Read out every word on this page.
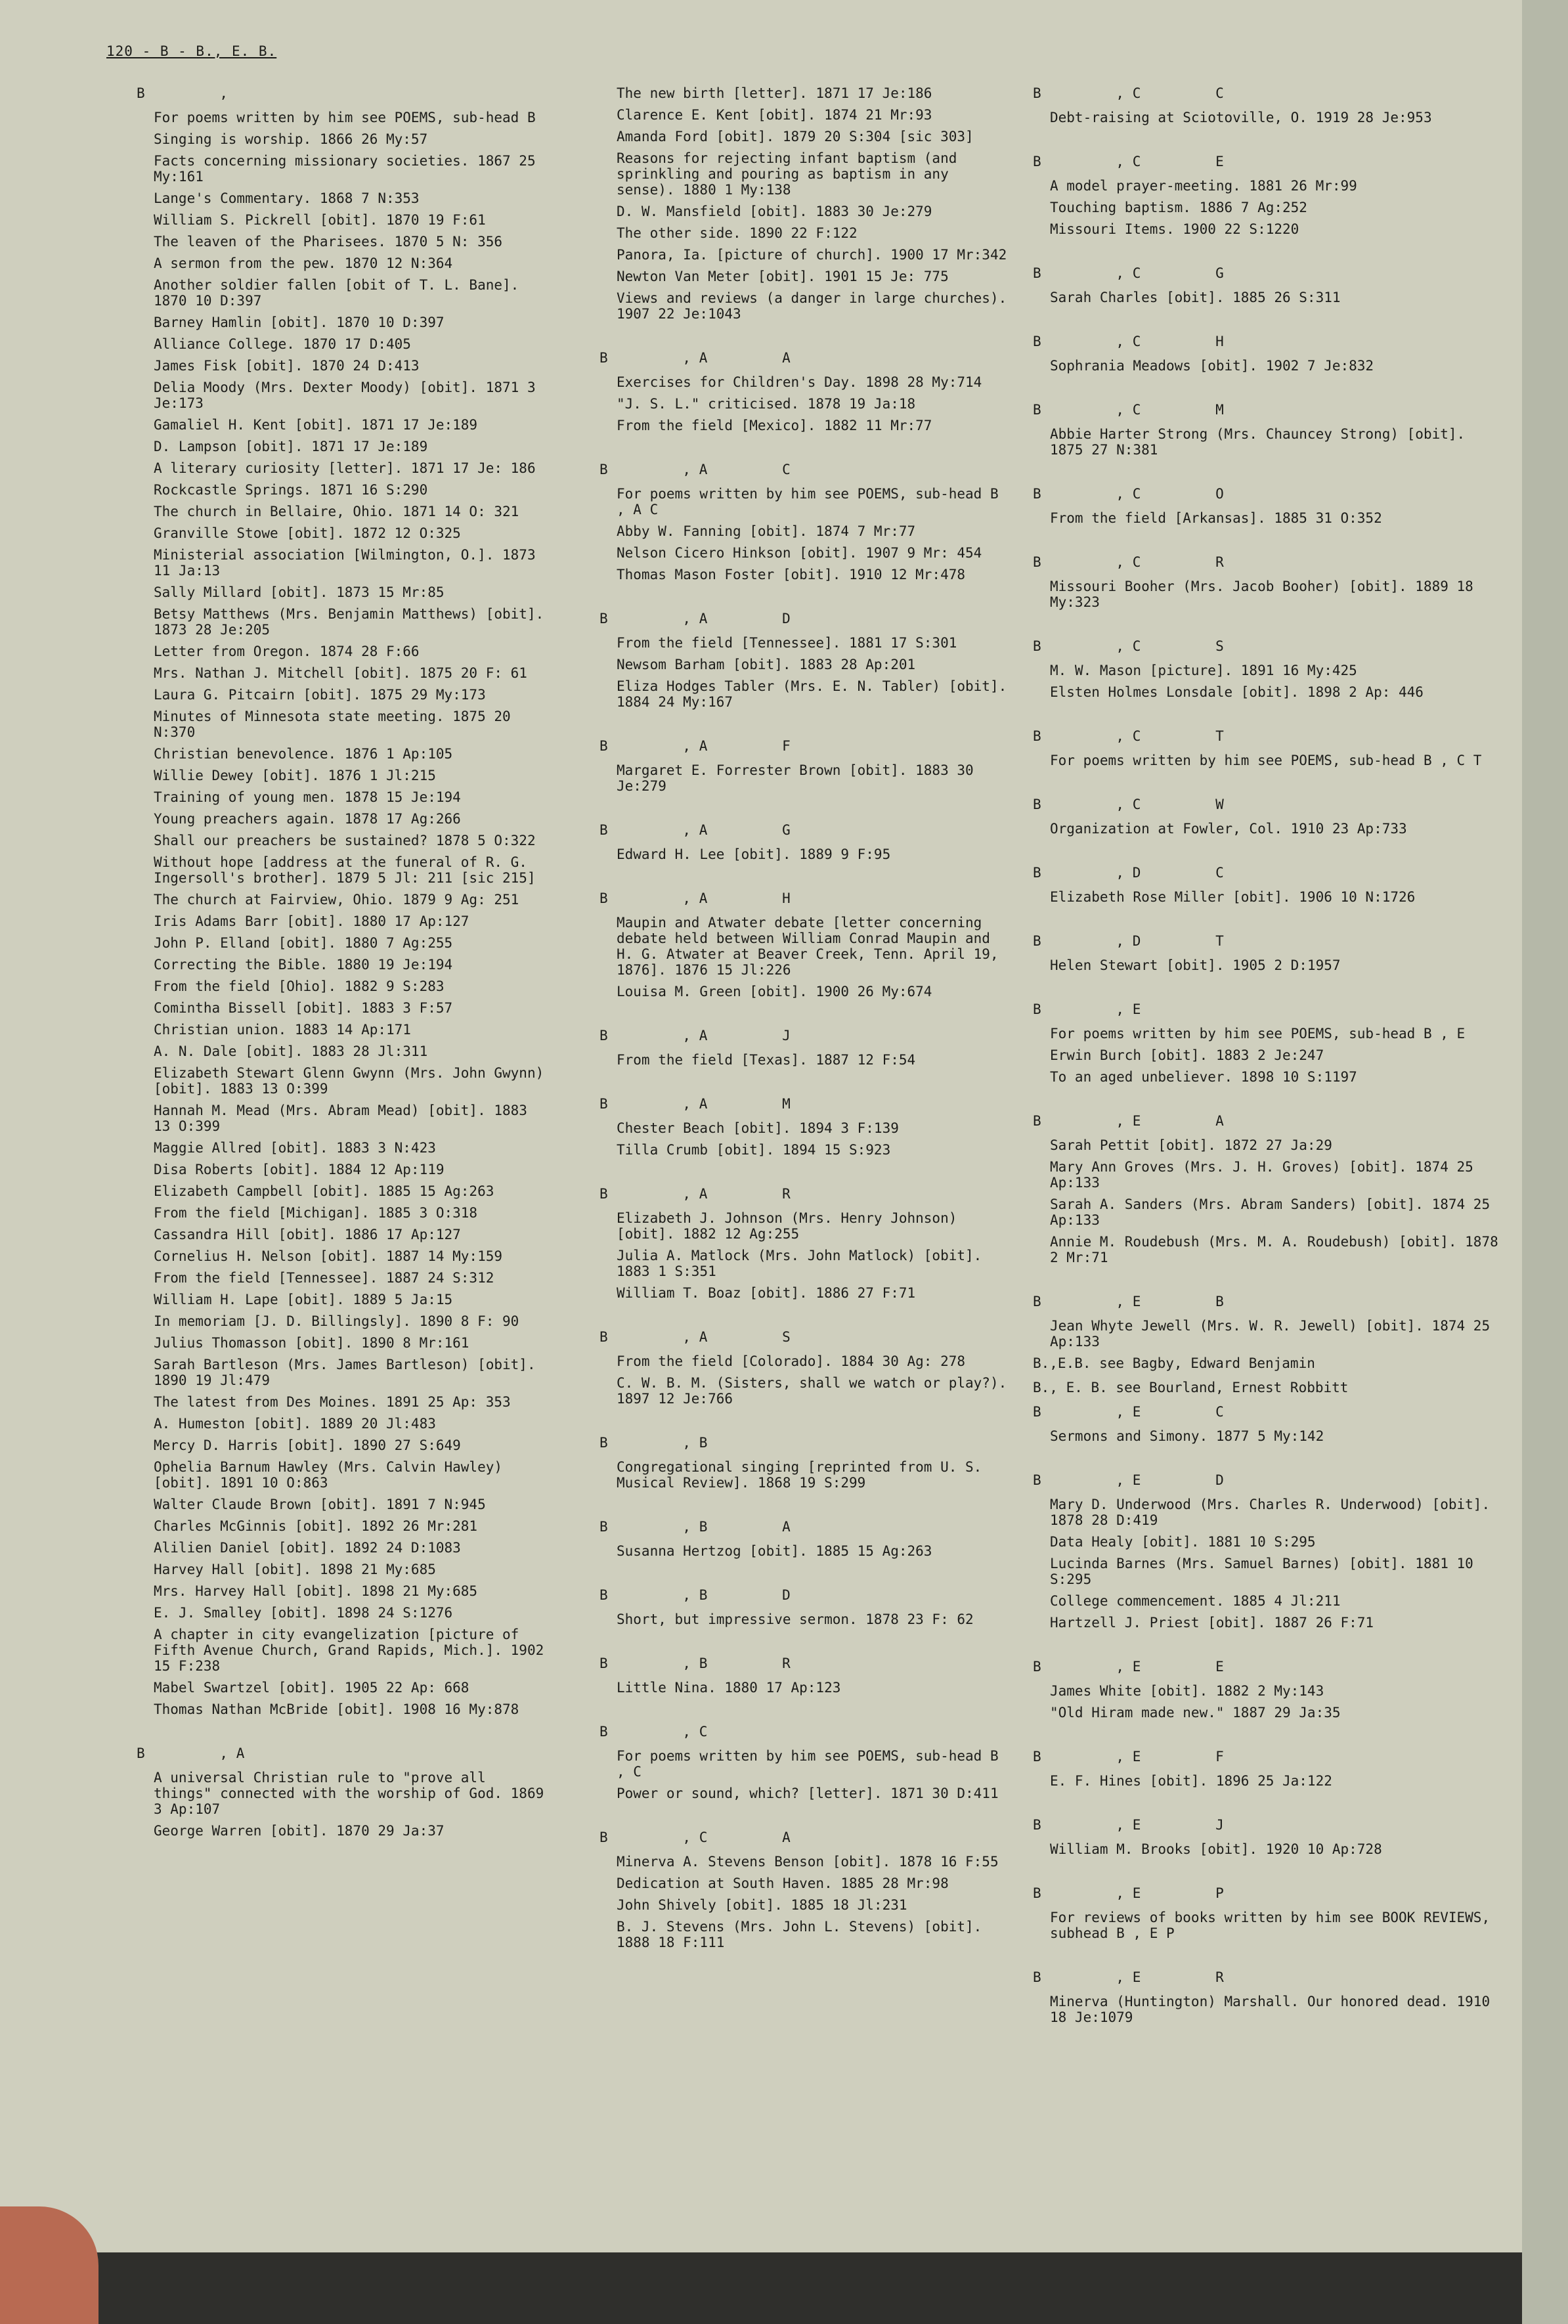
120 - B - B., E. B.
B         ,
For poems written by him see POEMS, sub-head B
Singing is worship. 1866 26 My:57
Facts concerning missionary societies. 1867 25 My:161
Lange's Commentary. 1868 7 N:353
William S. Pickrell [obit]. 1870 19 F:61
The leaven of the Pharisees. 1870 5 N: 356
A sermon from the pew. 1870 12 N:364
Another soldier fallen [obit of T. L. Bane]. 1870 10 D:397
Barney Hamlin [obit]. 1870 10 D:397
Alliance College. 1870 17 D:405
James Fisk [obit]. 1870 24 D:413
Delia Moody (Mrs. Dexter Moody) [obit]. 1871 3 Je:173
Gamaliel H. Kent [obit]. 1871 17 Je:189
D. Lampson [obit]. 1871 17 Je:189
A literary curiosity [letter]. 1871 17 Je: 186
Rockcastle Springs. 1871 16 S:290
The church in Bellaire, Ohio. 1871 14 O: 321
Granville Stowe [obit]. 1872 12 O:325
Ministerial association [Wilmington, O.]. 1873 11 Ja:13
Sally Millard [obit]. 1873 15 Mr:85
Betsy Matthews (Mrs. Benjamin Matthews) [obit]. 1873 28 Je:205
Letter from Oregon. 1874 28 F:66
Mrs. Nathan J. Mitchell [obit]. 1875 20 F: 61
Laura G. Pitcairn [obit]. 1875 29 My:173
Minutes of Minnesota state meeting. 1875 20 N:370
Christian benevolence. 1876 1 Ap:105
Willie Dewey [obit]. 1876 1 Jl:215
Training of young men. 1878 15 Je:194
Young preachers again. 1878 17 Ag:266
Shall our preachers be sustained? 1878 5 O:322
Without hope [address at the funeral of R. G. Ingersoll's brother]. 1879 5 Jl: 211 [sic 215]
The church at Fairview, Ohio. 1879 9 Ag: 251
Iris Adams Barr [obit]. 1880 17 Ap:127
John P. Elland [obit]. 1880 7 Ag:255
Correcting the Bible. 1880 19 Je:194
From the field [Ohio]. 1882 9 S:283
Comintha Bissell [obit]. 1883 3 F:57
Christian union. 1883 14 Ap:171
A. N. Dale [obit]. 1883 28 Jl:311
Elizabeth Stewart Glenn Gwynn (Mrs. John Gwynn) [obit]. 1883 13 O:399
Hannah M. Mead (Mrs. Abram Mead) [obit]. 1883 13 O:399
Maggie Allred [obit]. 1883 3 N:423
Disa Roberts [obit]. 1884 12 Ap:119
Elizabeth Campbell [obit]. 1885 15 Ag:263
From the field [Michigan]. 1885 3 O:318
Cassandra Hill [obit]. 1886 17 Ap:127
Cornelius H. Nelson [obit]. 1887 14 My:159
From the field [Tennessee]. 1887 24 S:312
William H. Lape [obit]. 1889 5 Ja:15
In memoriam [J. D. Billingsly]. 1890 8 F: 90
Julius Thomasson [obit]. 1890 8 Mr:161
Sarah Bartleson (Mrs. James Bartleson) [obit]. 1890 19 Jl:479
The latest from Des Moines. 1891 25 Ap: 353
A. Humeston [obit]. 1889 20 Jl:483
Mercy D. Harris [obit]. 1890 27 S:649
Ophelia Barnum Hawley (Mrs. Calvin Hawley) [obit]. 1891 10 O:863
Walter Claude Brown [obit]. 1891 7 N:945
Charles McGinnis [obit]. 1892 26 Mr:281
Alilien Daniel [obit]. 1892 24 D:1083
Harvey Hall [obit]. 1898 21 My:685
Mrs. Harvey Hall [obit]. 1898 21 My:685
E. J. Smalley [obit]. 1898 24 S:1276
A chapter in city evangelization [picture of Fifth Avenue Church, Grand Rapids, Mich.]. 1902 15 F:238
Mabel Swartzel [obit]. 1905 22 Ap: 668
Thomas Nathan McBride [obit]. 1908 16 My:878
B         , A
A universal Christian rule to "prove all things" connected with the worship of God. 1869 3 Ap:107
George Warren [obit]. 1870 29 Ja:37
The new birth [letter]. 1871 17 Je:186
Clarence E. Kent [obit]. 1874 21 Mr:93
Amanda Ford [obit]. 1879 20 S:304 [sic 303]
Reasons for rejecting infant baptism (and sprinkling and pouring as baptism in any sense). 1880 1 My:138
D. W. Mansfield [obit]. 1883 30 Je:279
The other side. 1890 22 F:122
Panora, Ia. [picture of church]. 1900 17 Mr:342
Newton Van Meter [obit]. 1901 15 Je: 775
Views and reviews (a danger in large churches). 1907 22 Je:1043
B         , A         A
Exercises for Children's Day. 1898 28 My:714
"J. S. L." criticised. 1878 19 Ja:18
From the field [Mexico]. 1882 11 Mr:77
B         , A         C
For poems written by him see POEMS, sub-head B , A C
Abby W. Fanning [obit]. 1874 7 Mr:77
Nelson Cicero Hinkson [obit]. 1907 9 Mr: 454
Thomas Mason Foster [obit]. 1910 12 Mr:478
B         , A         D
From the field [Tennessee]. 1881 17 S:301
Newsom Barham [obit]. 1883 28 Ap:201
Eliza Hodges Tabler (Mrs. E. N. Tabler) [obit]. 1884 24 My:167
B         , A         F
Margaret E. Forrester Brown [obit]. 1883 30 Je:279
B         , A         G
Edward H. Lee [obit]. 1889 9 F:95
B         , A         H
Maupin and Atwater debate [letter concerning debate held between William Conrad Maupin and H. G. Atwater at Beaver Creek, Tenn. April 19, 1876]. 1876 15 Jl:226
Louisa M. Green [obit]. 1900 26 My:674
B         , A         J
From the field [Texas]. 1887 12 F:54
B         , A         M
Chester Beach [obit]. 1894 3 F:139
Tilla Crumb [obit]. 1894 15 S:923
B         , A         R
Elizabeth J. Johnson (Mrs. Henry Johnson) [obit]. 1882 12 Ag:255
Julia A. Matlock (Mrs. John Matlock) [obit]. 1883 1 S:351
William T. Boaz [obit]. 1886 27 F:71
B         , A         S
From the field [Colorado]. 1884 30 Ag: 278
C. W. B. M. (Sisters, shall we watch or play?). 1897 12 Je:766
B         , B
Congregational singing [reprinted from U. S. Musical Review]. 1868 19 S:299
B         , B         A
Susanna Hertzog [obit]. 1885 15 Ag:263
B         , B         D
Short, but impressive sermon. 1878 23 F: 62
B         , B         R
Little Nina. 1880 17 Ap:123
B         , C
For poems written by him see POEMS, sub-head B , C
Power or sound, which? [letter]. 1871 30 D:411
B         , C         A
Minerva A. Stevens Benson [obit]. 1878 16 F:55
Dedication at South Haven. 1885 28 Mr:98
John Shively [obit]. 1885 18 Jl:231
B. J. Stevens (Mrs. John L. Stevens) [obit]. 1888 18 F:111
B         , C         C
Debt-raising at Sciotoville, O. 1919 28 Je:953
B         , C         E
A model prayer-meeting. 1881 26 Mr:99
Touching baptism. 1886 7 Ag:252
Missouri Items. 1900 22 S:1220
B         , C         G
Sarah Charles [obit]. 1885 26 S:311
B         , C         H
Sophrania Meadows [obit]. 1902 7 Je:832
B         , C         M
Abbie Harter Strong (Mrs. Chauncey Strong) [obit]. 1875 27 N:381
B         , C         O
From the field [Arkansas]. 1885 31 O:352
B         , C         R
Missouri Booher (Mrs. Jacob Booher) [obit]. 1889 18 My:323
B         , C         S
M. W. Mason [picture]. 1891 16 My:425
Elsten Holmes Lonsdale [obit]. 1898 2 Ap: 446
B         , C         T
For poems written by him see POEMS, sub-head B , C T
B         , C         W
Organization at Fowler, Col. 1910 23 Ap:733
B         , D         C
Elizabeth Rose Miller [obit]. 1906 10 N:1726
B         , D         T
Helen Stewart [obit]. 1905 2 D:1957
B         , E
For poems written by him see POEMS, sub-head B , E
Erwin Burch [obit]. 1883 2 Je:247
To an aged unbeliever. 1898 10 S:1197
B         , E         A
Sarah Pettit [obit]. 1872 27 Ja:29
Mary Ann Groves (Mrs. J. H. Groves) [obit]. 1874 25 Ap:133
Sarah A. Sanders (Mrs. Abram Sanders) [obit]. 1874 25 Ap:133
Annie M. Roudebush (Mrs. M. A. Roudebush) [obit]. 1878 2 Mr:71
B         , E         B
Jean Whyte Jewell (Mrs. W. R. Jewell) [obit]. 1874 25 Ap:133
B.,E.B. see Bagby, Edward Benjamin
B., E. B. see Bourland, Ernest Robbitt
B         , E         C
Sermons and Simony. 1877 5 My:142
B         , E         D
Mary D. Underwood (Mrs. Charles R. Underwood) [obit]. 1878 28 D:419
Data Healy [obit]. 1881 10 S:295
Lucinda Barnes (Mrs. Samuel Barnes) [obit]. 1881 10 S:295
College commencement. 1885 4 Jl:211
Hartzell J. Priest [obit]. 1887 26 F:71
B         , E         E
James White [obit]. 1882 2 My:143
"Old Hiram made new." 1887 29 Ja:35
B         , E         F
E. F. Hines [obit]. 1896 25 Ja:122
B         , E         J
William M. Brooks [obit]. 1920 10 Ap:728
B         , E         P
For reviews of books written by him see BOOK REVIEWS, subhead B , E P
B         , E         R
Minerva (Huntington) Marshall. Our honored dead. 1910 18 Je:1079
